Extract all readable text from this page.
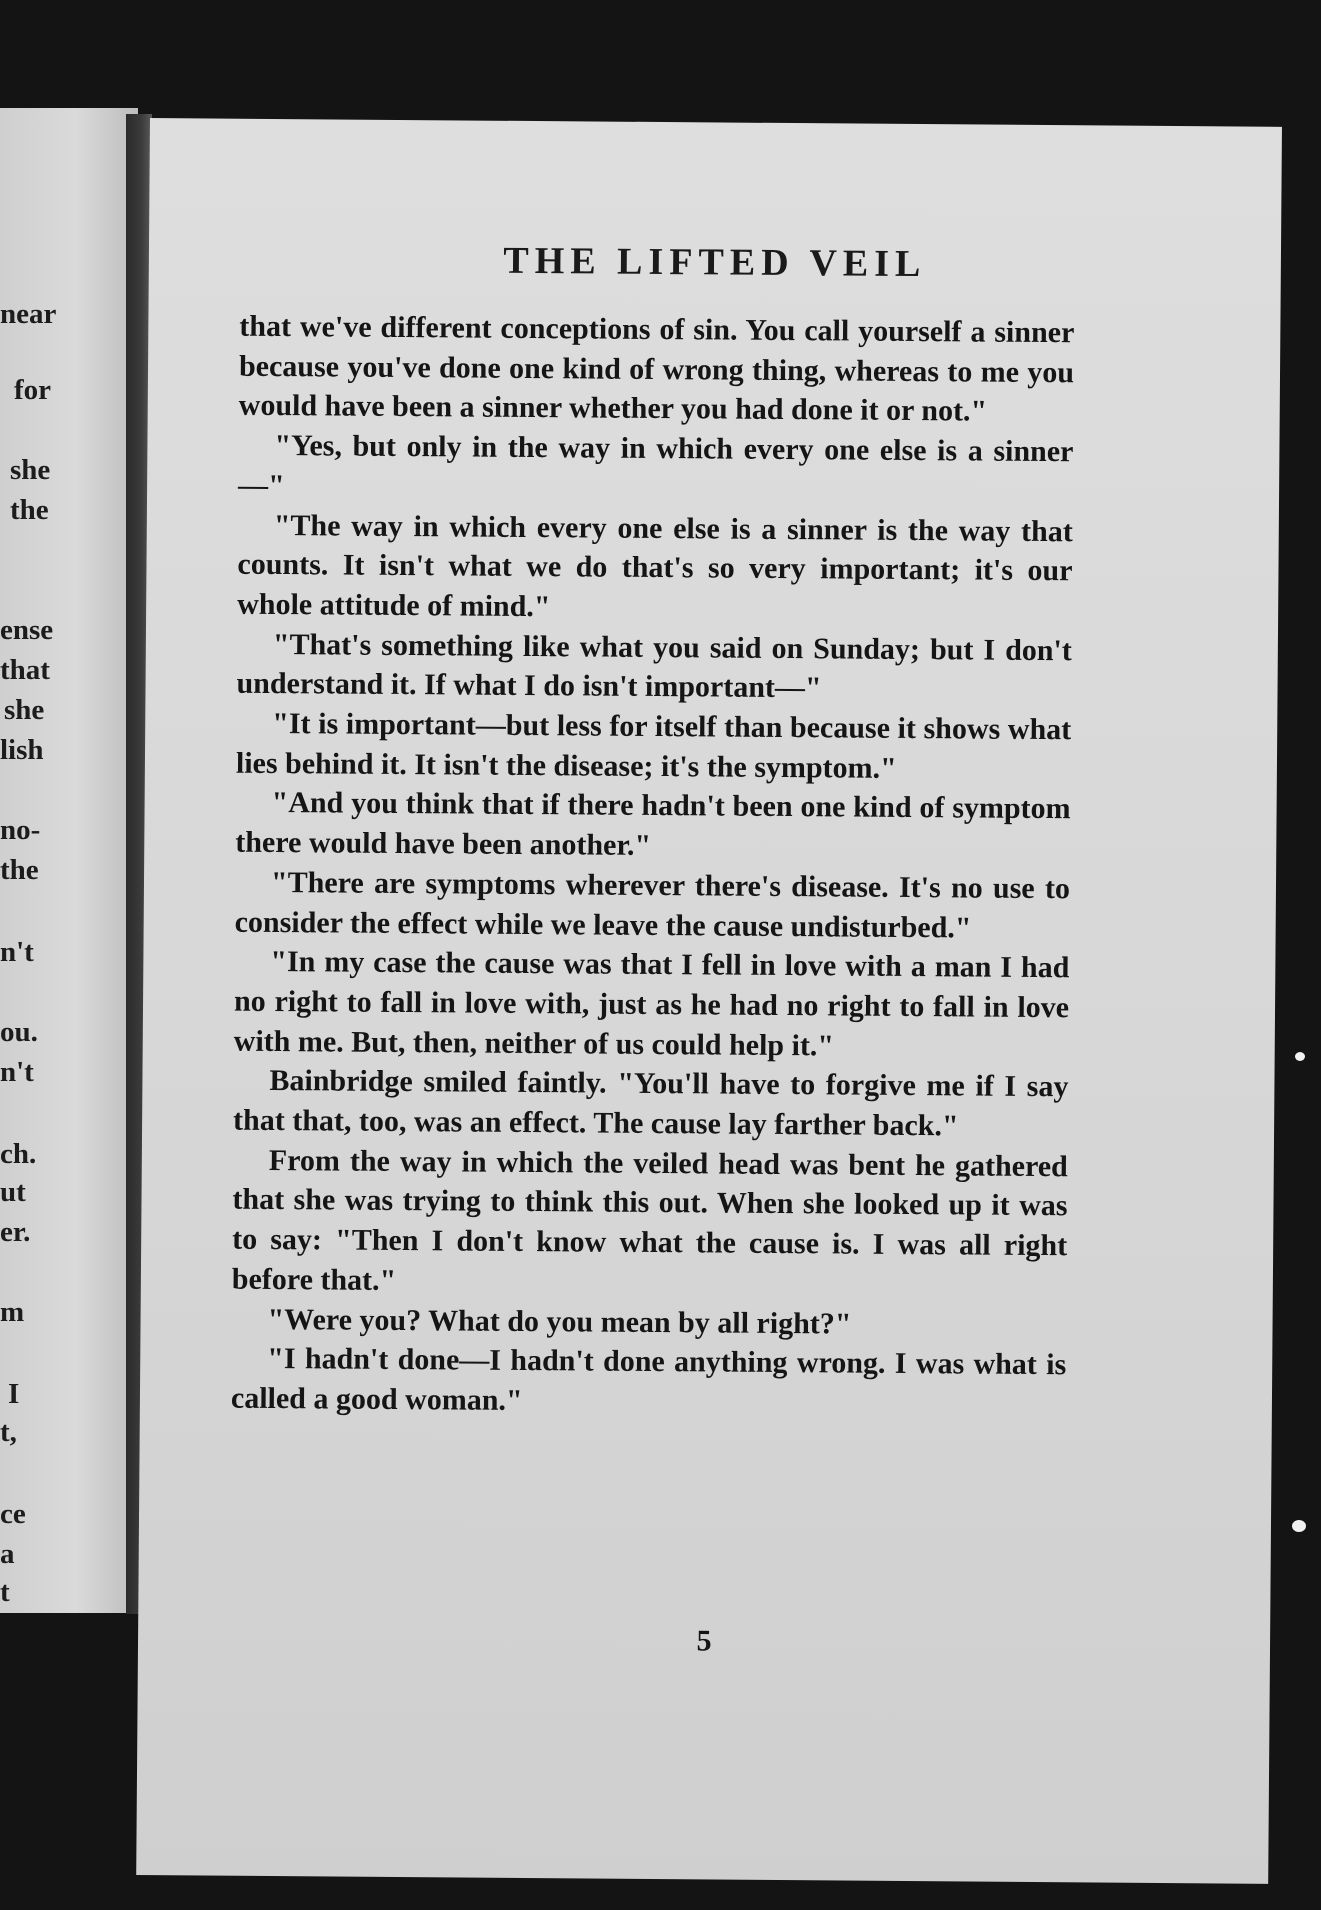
near
for
she
the
ense
that
she
lish
no-
the
n't
ou.
n't
ch.
ut
er.
m
I
t,
ce
a
t
THE LIFTED VEIL

that we've different conceptions of sin. You call yourself a sinner because you've done one kind of wrong thing, whereas to me you would have been a sinner whether you had done it or not."

"Yes, but only in the way in which every one else is a sinner—"

"The way in which every one else is a sinner is the way that counts. It isn't what we do that's so very important; it's our whole attitude of mind."

"That's something like what you said on Sunday; but I don't understand it. If what I do isn't important—"

"It is important—but less for itself than because it shows what lies behind it. It isn't the disease; it's the symptom."

"And you think that if there hadn't been one kind of symptom there would have been another."

"There are symptoms wherever there's disease. It's no use to consider the effect while we leave the cause undisturbed."

"In my case the cause was that I fell in love with a man I had no right to fall in love with, just as he had no right to fall in love with me. But, then, neither of us could help it."

Bainbridge smiled faintly. "You'll have to forgive me if I say that that, too, was an effect. The cause lay farther back."

From the way in which the veiled head was bent he gathered that she was trying to think this out. When she looked up it was to say: "Then I don't know what the cause is. I was all right before that."

"Were you? What do you mean by all right?"

"I hadn't done—I hadn't done anything wrong. I was what is called a good woman."

5
